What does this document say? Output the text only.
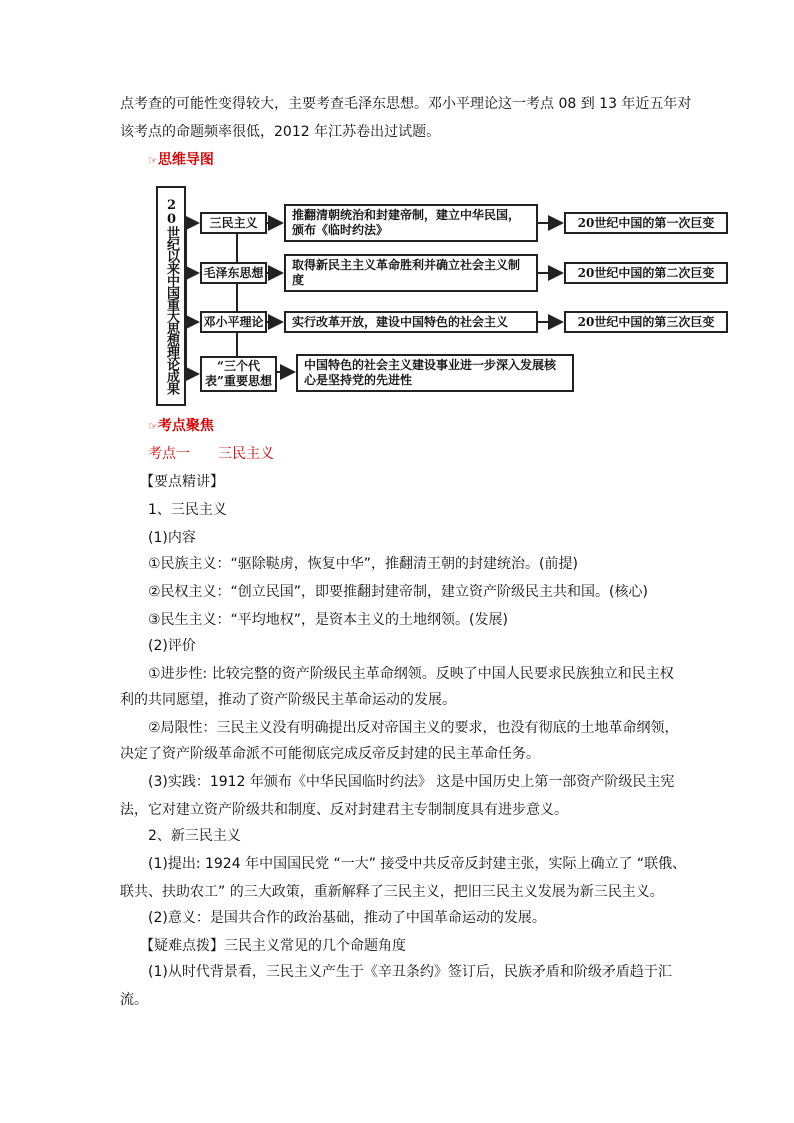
点考查的可能性变得较大，主要考查毛泽东思想。邓小平理论这一考点 08 到 13 年近五年对
该考点的命题频率很低，2012 年江苏卷出过试题。
☞思维导图
20世纪以来中国重大思想理论成果	三民主义
推翻清朝统治和封建帝制，建立中华民国，颁布《临时约法》
20世纪中国的第一次巨变
毛泽东思想
取得新民主主义革命胜利并确立社会主义制度
20世纪中国的第二次巨变
邓小平理论 实行改革开放，建设中国特色的社会主义	20世纪中国的第三次巨变
“三个代表”重要思想
中国特色的社会主义建设事业进一步深入发展核心是坚持党的先进性
☞考点聚焦
考点一　　三民主义
【要点精讲】
1、三民主义
(1)内容
①民族主义：“驱除鞑虏，恢复中华”，推翻清王朝的封建统治。(前提)
②民权主义：“创立民国”，即要推翻封建帝制，建立资产阶级民主共和国。(核心)
③民生主义：“平均地权”，是资本主义的土地纲领。(发展)
(2)评价
①进步性: 比较完整的资产阶级民主革命纲领。反映了中国人民要求民族独立和民主权
利的共同愿望，推动了资产阶级民主革命运动的发展。
②局限性：三民主义没有明确提出反对帝国主义的要求，也没有彻底的土地革命纲领，
决定了资产阶级革命派不可能彻底完成反帝反封建的民主革命任务。
(3)实践：1912 年颁布《中华民国临时约法》 这是中国历史上第一部资产阶级民主宪
法，它对建立资产阶级共和制度、反对封建君主专制制度具有进步意义。
2、新三民主义
(1)提出: 1924 年中国国民党 “一大” 接受中共反帝反封建主张，实际上确立了 “联俄、
联共、扶助农工” 的三大政策，重新解释了三民主义，把旧三民主义发展为新三民主义。
(2)意义：是国共合作的政治基础，推动了中国革命运动的发展。
【疑难点拨】三民主义常见的几个命题角度
(1)从时代背景看，三民主义产生于《辛丑条约》签订后，民族矛盾和阶级矛盾趋于汇
流。
